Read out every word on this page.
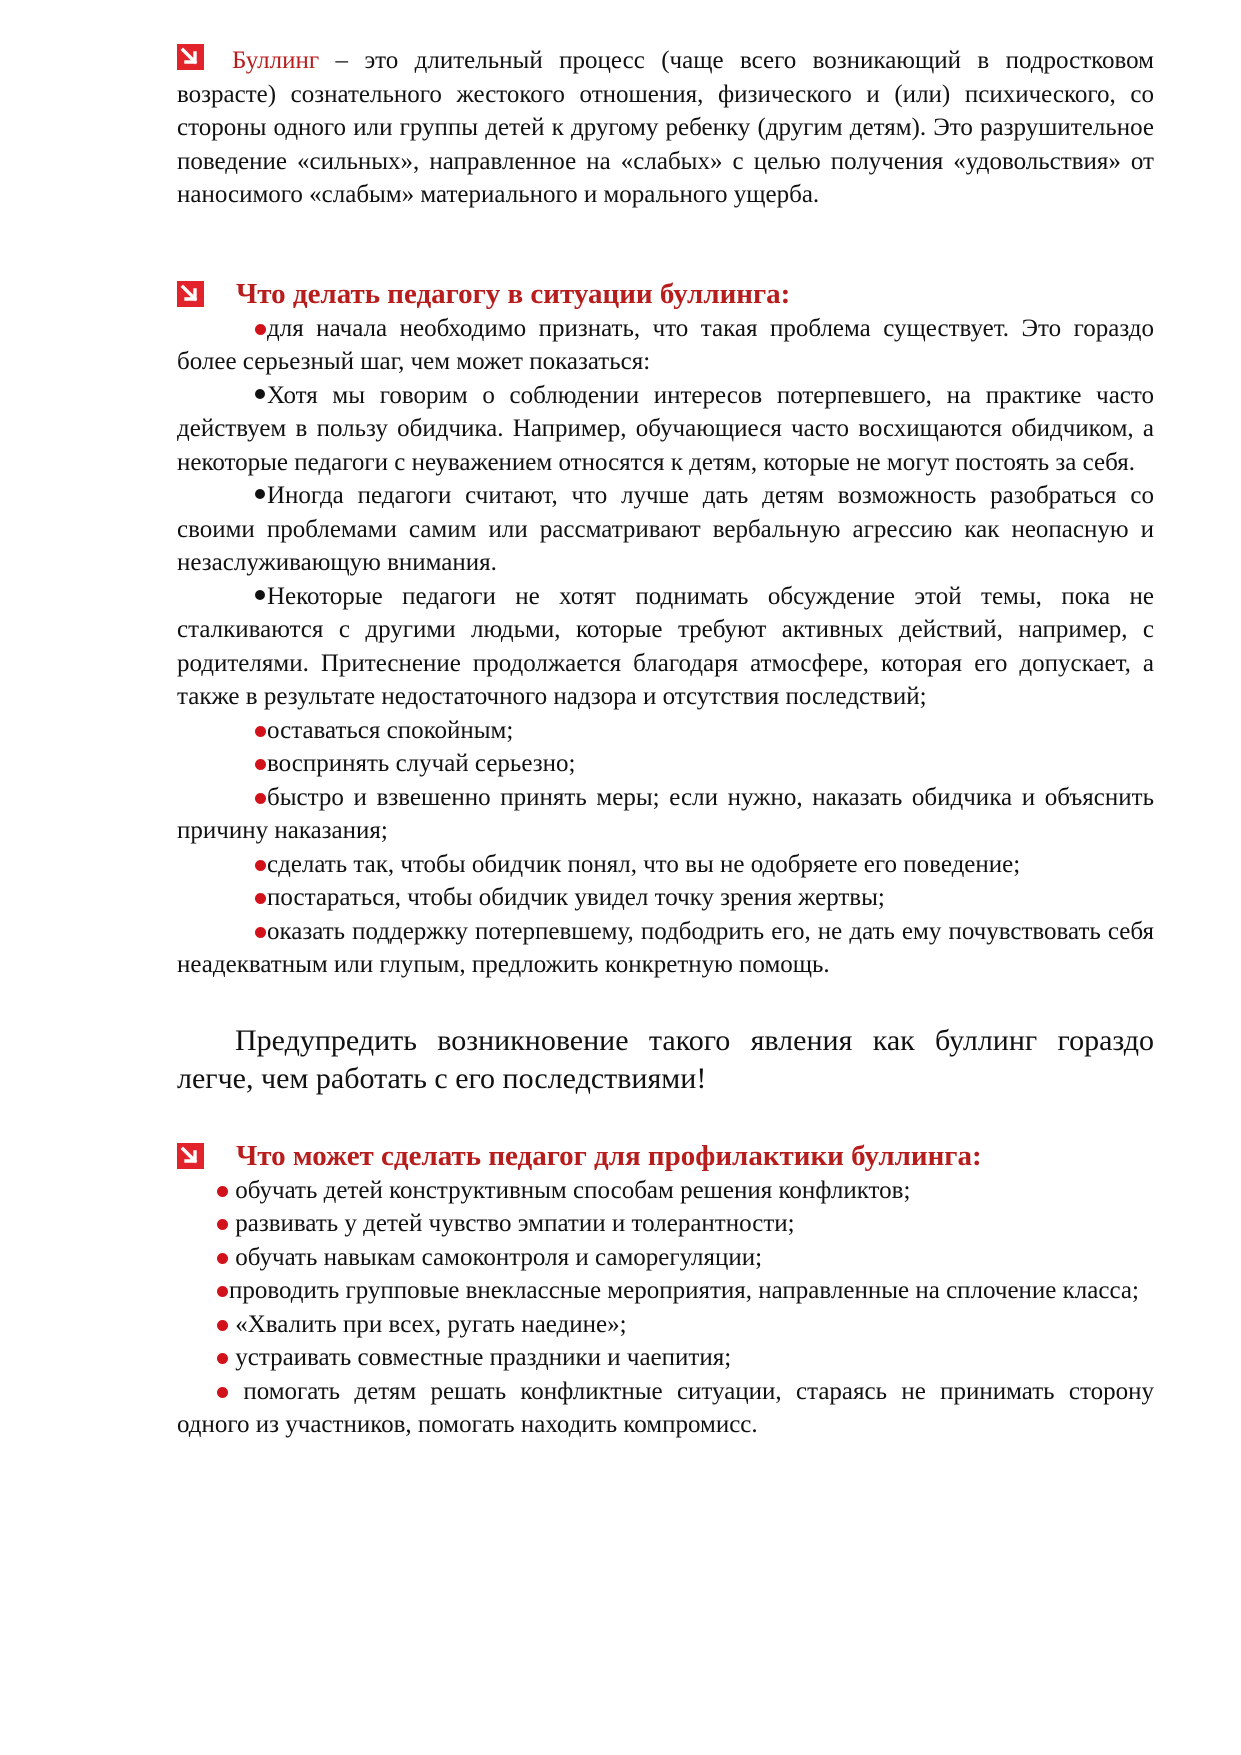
Буллинг – это длительный процесс (чаще всего возникающий в подростковом возрасте) сознательного жестокого отношения, физического и (или) психического, со стороны одного или группы детей к другому ребенку (другим детям). Это разрушительное поведение «сильных», направленное на «слабых» с целью получения «удовольствия» от наносимого «слабым» материального и морального ущерба.

Что делать педагогу в ситуации буллинга:

для начала необходимо признать, что такая проблема существует. Это гораздо более серьезный шаг, чем может показаться:

Хотя мы говорим о соблюдении интересов потерпевшего, на практике часто действуем в пользу обидчика. Например, обучающиеся часто восхищаются обидчиком, а некоторые педагоги с неуважением относятся к детям, которые не могут постоять за себя.

Иногда педагоги считают, что лучше дать детям возможность разобраться со своими проблемами самим или рассматривают вербальную агрессию как неопасную и незаслуживающую внимания.

Некоторые педагоги не хотят поднимать обсуждение этой темы, пока не сталкиваются с другими людьми, которые требуют активных действий, например, с родителями. Притеснение продолжается благодаря атмосфере, которая его допускает, а также в результате недостаточного надзора и отсутствия последствий;

оставаться спокойным;

воспринять случай серьезно;

быстро и взвешенно принять меры; если нужно, наказать обидчика и объяснить причину наказания;

сделать так, чтобы обидчик понял, что вы не одобряете его поведение;

постараться, чтобы обидчик увидел точку зрения жертвы;

оказать поддержку потерпевшему, подбодрить его, не дать ему почувствовать себя неадекватным или глупым, предложить конкретную помощь.

Предупредить возникновение такого явления как буллинг гораздо легче, чем работать с его последствиями!

Что может сделать педагог для профилактики буллинга:

обучать детей конструктивным способам решения конфликтов;

развивать у детей чувство эмпатии и толерантности;

обучать навыкам самоконтроля и саморегуляции;

проводить групповые внеклассные мероприятия, направленные на сплочение класса;

«Хвалить при всех, ругать наедине»;

устраивать совместные праздники и чаепития;

помогать детям решать конфликтные ситуации, стараясь не принимать сторону одного из участников, помогать находить компромисс.
